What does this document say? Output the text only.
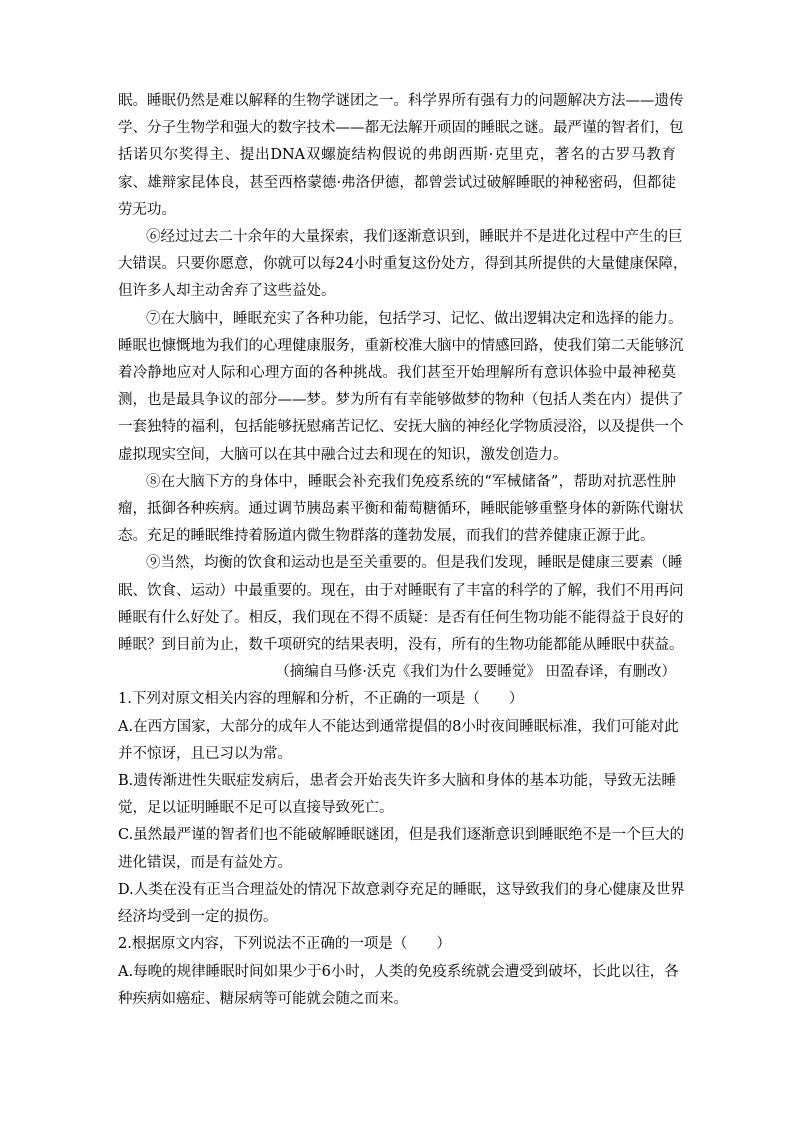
眠。睡眠仍然是难以解释的生物学谜团之一。科学界所有强有力的问题解决方法——遗传

学、分子生物学和强大的数字技术——都无法解开顽固的睡眠之谜。最严谨的智者们，包

括诺贝尔奖得主、提出DNA双螺旋结构假说的弗朗西斯·克里克，著名的古罗马教育

家、雄辩家昆体良，甚至西格蒙德·弗洛伊德，都曾尝试过破解睡眠的神秘密码，但都徒

劳无功。

⑥经过过去二十余年的大量探索，我们逐渐意识到，睡眠并不是进化过程中产生的巨

大错误。只要你愿意，你就可以每24小时重复这份处方，得到其所提供的大量健康保障，

但许多人却主动舍弃了这些益处。

⑦在大脑中，睡眠充实了各种功能，包括学习、记忆、做出逻辑决定和选择的能力。

睡眠也慷慨地为我们的心理健康服务，重新校准大脑中的情感回路，使我们第二天能够沉

着冷静地应对人际和心理方面的各种挑战。我们甚至开始理解所有意识体验中最神秘莫

测，也是最具争议的部分——梦。梦为所有有幸能够做梦的物种（包括人类在内）提供了

一套独特的福利，包括能够抚慰痛苦记忆、安抚大脑的神经化学物质浸浴，以及提供一个

虚拟现实空间，大脑可以在其中融合过去和现在的知识，激发创造力。

⑧在大脑下方的身体中，睡眠会补充我们免疫系统的“军械储备”，帮助对抗恶性肿

瘤，抵御各种疾病。通过调节胰岛素平衡和葡萄糖循环，睡眠能够重整身体的新陈代谢状

态。充足的睡眠维持着肠道内微生物群落的蓬勃发展，而我们的营养健康正源于此。

⑨当然，均衡的饮食和运动也是至关重要的。但是我们发现，睡眠是健康三要素（睡

眠、饮食、运动）中最重要的。现在，由于对睡眠有了丰富的科学的了解，我们不用再问

睡眠有什么好处了。相反，我们现在不得不质疑：是否有任何生物功能不能得益于良好的

睡眠？到目前为止，数千项研究的结果表明，没有，所有的生物功能都能从睡眠中获益。

（摘编自马修·沃克《我们为什么要睡觉》 田盈春译，有删改）

1.下列对原文相关内容的理解和分析，不正确的一项是（　　）

A.在西方国家，大部分的成年人不能达到通常提倡的8小时夜间睡眠标准，我们可能对此

并不惊讶，且已习以为常。

B.遗传渐进性失眠症发病后，患者会开始丧失许多大脑和身体的基本功能，导致无法睡

觉，足以证明睡眠不足可以直接导致死亡。

C.虽然最严谨的智者们也不能破解睡眠谜团，但是我们逐渐意识到睡眠绝不是一个巨大的

进化错误，而是有益处方。

D.人类在没有正当合理益处的情况下故意剥夺充足的睡眠，这导致我们的身心健康及世界

经济均受到一定的损伤。

2.根据原文内容，下列说法不正确的一项是（　　）

A.每晚的规律睡眠时间如果少于6小时，人类的免疫系统就会遭受到破坏，长此以往，各

种疾病如癌症、糖尿病等可能就会随之而来。
